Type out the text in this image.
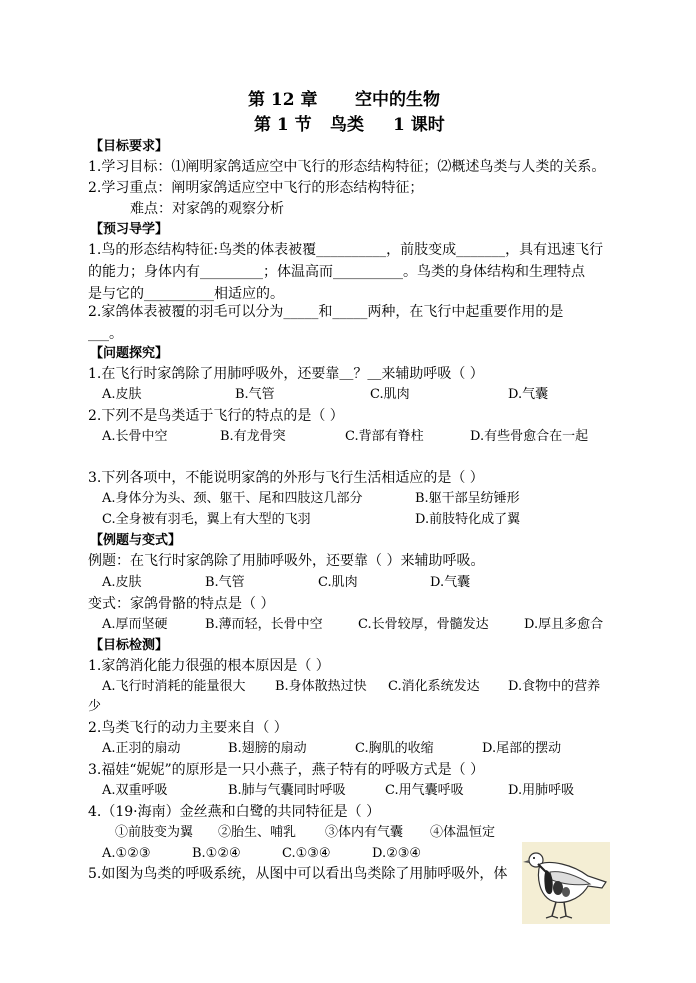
第 12 章 空中的生物
第 1 节 鸟类 1 课时
【目标要求】
1.学习目标：⑴阐明家鸽适应空中飞行的形态结构特征；⑵概述鸟类与人类的关系。
2.学习重点：阐明家鸽适应空中飞行的形态结构特征；
难点：对家鸽的观察分析
【预习导学】
1.鸟的形态结构特征:鸟类的体表被覆__________，前肢变成_______，具有迅速飞行
的能力；身体内有_________；体温高而__________。鸟类的身体结构和生理特点
是与它的__________相适应的。
2.家鸽体表被覆的羽毛可以分为_____和_____两种，在飞行中起重要作用的是
___。
【问题探究】
1.在飞行时家鸽除了用肺呼吸外，还要靠＿？＿来辅助呼吸（ ）
A.皮肤	B.气管	C.肌肉	D.气囊
2.下列不是鸟类适于飞行的特点的是（ ）
A.长骨中空	B.有龙骨突	C.背部有脊柱	D.有些骨愈合在一起
3.下列各项中，不能说明家鸽的外形与飞行生活相适应的是（ ）
A.身体分为头、颈、躯干、尾和四肢这几部分	B.躯干部呈纺锤形
C.全身被有羽毛，翼上有大型的飞羽	D.前肢特化成了翼
【例题与变式】
例题：在飞行时家鸽除了用肺呼吸外，还要靠（ ）来辅助呼吸。
A.皮肤	B.气管	C.肌肉	D.气囊
变式：家鸽骨骼的特点是（ ）
A.厚而坚硬	B.薄而轻，长骨中空	C.长骨较厚，骨髓发达	D.厚且多愈合
【目标检测】
1.家鸽消化能力很强的根本原因是（ ）
A.飞行时消耗的能量很大 B.身体散热过快 C.消化系统发达 D.食物中的营养
少
2.鸟类飞行的动力主要来自（ ）
A.正羽的扇动	B.翅膀的扇动	C.胸肌的收缩	D.尾部的摆动
3.福娃“妮妮”的原形是一只小燕子，燕子特有的呼吸方式是（ ）
A.双重呼吸	B.肺与气囊同时呼吸	C.用气囊呼吸	D.用肺呼吸
4.（19·海南）金丝燕和白鹭的共同特征是（ ）
①前肢变为翼 ②胎生、哺乳 ③体内有气囊 ④体温恒定
A.①②③	B.①②④	C.①③④	D.②③④
5.如图为鸟类的呼吸系统，从图中可以看出鸟类除了用肺呼吸外，体
